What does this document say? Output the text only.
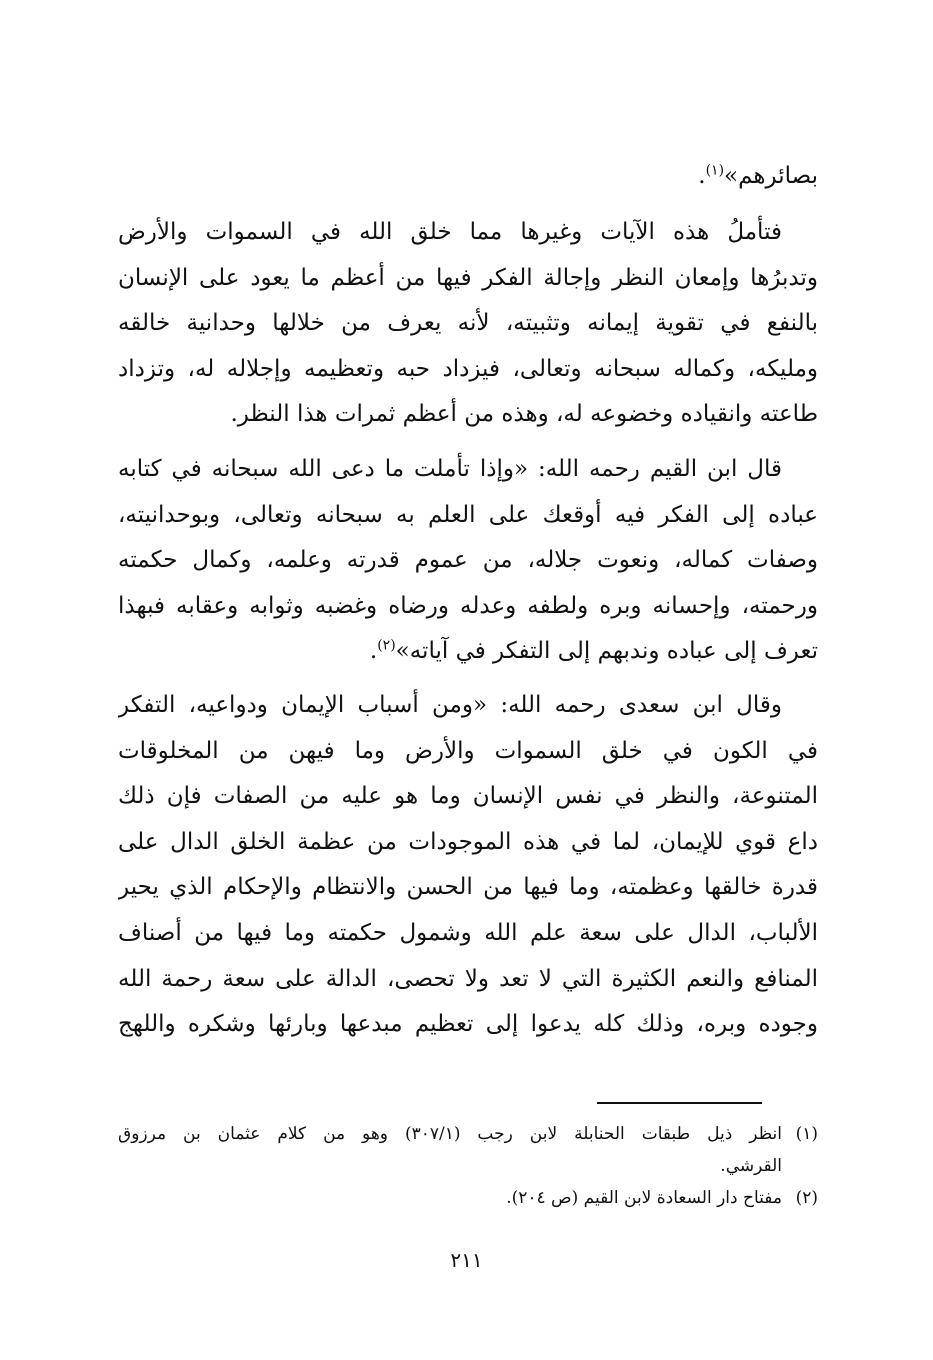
بصائرهم»$^{(١)}$.
فتأملُ هذه الآيات وغيرها مما خلق الله في السموات والأرض
وتدبرُها وإمعان النظر وإجالة الفكر فيها من أعظم ما يعود على الإنسان
بالنفع في تقوية إيمانه وتثبيته، لأنه يعرف من خلالها وحدانية خالقه
ومليكه، وكماله سبحانه وتعالى، فيزداد حبه وتعظيمه وإجلاله له، وتزداد
طاعته وانقياده وخضوعه له، وهذه من أعظم ثمرات هذا النظر.
قال ابن القيم رحمه الله: «وإذا تأملت ما دعى الله سبحانه في كتابه
عباده إلى الفكر فيه أوقعك على العلم به سبحانه وتعالى، وبوحدانيته،
وصفات كماله، ونعوت جلاله، من عموم قدرته وعلمه، وكمال حكمته
ورحمته، وإحسانه وبره ولطفه وعدله ورضاه وغضبه وثوابه وعقابه فبهذا
تعرف إلى عباده وندبهم إلى التفكر في آياته»$^{(٢)}$.
وقال ابن سعدى رحمه الله: «ومن أسباب الإيمان ودواعيه، التفكر
في الكون في خلق السموات والأرض وما فيهن من المخلوقات
المتنوعة، والنظر في نفس الإنسان وما هو عليه من الصفات فإن ذلك
داع قوي للإيمان، لما في هذه الموجودات من عظمة الخلق الدال على
قدرة خالقها وعظمته، وما فيها من الحسن والانتظام والإحكام الذي يحير
الألباب، الدال على سعة علم الله وشمول حكمته وما فيها من أصناف
المنافع والنعم الكثيرة التي لا تعد ولا تحصى، الدالة على سعة رحمة الله
وجوده وبره، وذلك كله يدعوا إلى تعظيم مبدعها وبارئها وشكره واللهج
(١)
انظر ذيل طبقات الحنابلة لابن رجب (٣٠٧/١) وهو من كلام عثمان بن مرزوق
القرشي.
(٢)
مفتاح دار السعادة لابن القيم (ص ٢٠٤).
٢١١
